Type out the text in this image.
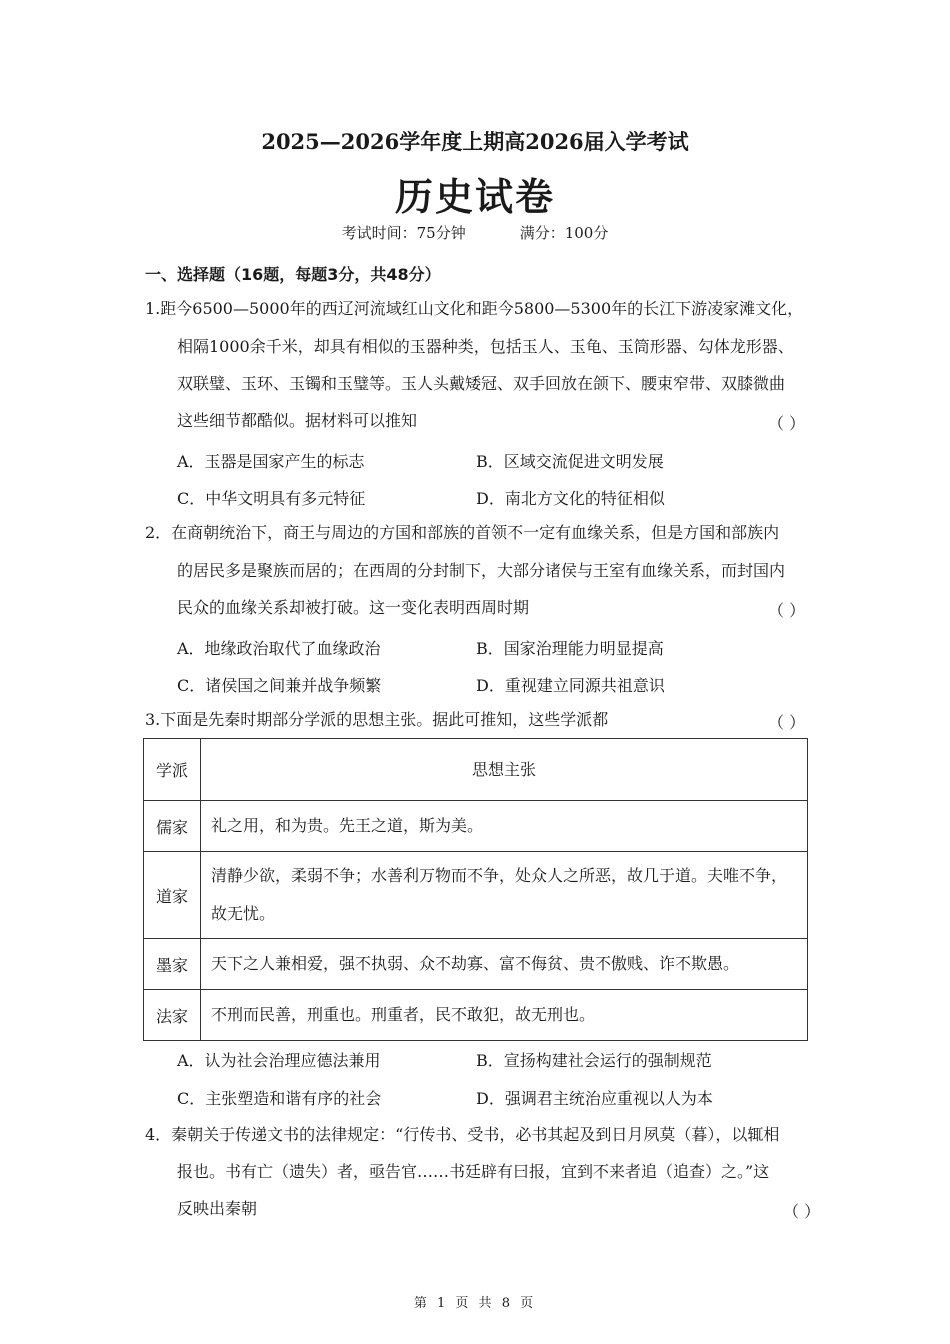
2025—2026学年度上期高2026届入学考试
历史试卷
考试时间：75分钟	满分：100分
一、选择题（16题，每题3分，共48分）
1.距今6500—5000年的西辽河流域红山文化和距今5800—5300年的长江下游凌家滩文化，
相隔1000余千米，却具有相似的玉器种类，包括玉人、玉龟、玉筒形器、勾体龙形器、
双联璧、玉环、玉镯和玉璧等。玉人头戴矮冠、双手回放在颌下、腰束窄带、双膝微曲
这些细节都酷似。据材料可以推知	（ ）
A．玉器是国家产生的标志	B．区域交流促进文明发展
C．中华文明具有多元特征	D．南北方文化的特征相似
2．在商朝统治下，商王与周边的方国和部族的首领不一定有血缘关系，但是方国和部族内
的居民多是聚族而居的；在西周的分封制下，大部分诸侯与王室有血缘关系，而封国内
民众的血缘关系却被打破。这一变化表明西周时期	（ ）
A．地缘政治取代了血缘政治	B．国家治理能力明显提高
C．诸侯国之间兼并战争频繁	D．重视建立同源共祖意识
3.下面是先秦时期部分学派的思想主张。据此可推知，这些学派都	（ ）
学派	思想主张
儒家	礼之用，和为贵。先王之道，斯为美。
道家	清静少欲，柔弱不争；水善利万物而不争，处众人之所恶，故几于道。夫唯不争，
故无忧。

墨家	天下之人兼相爱，强不执弱、众不劫寡、富不侮贫、贵不傲贱、诈不欺愚。
法家	不刑而民善，刑重也。刑重者，民不敢犯，故无刑也。
A．认为社会治理应德法兼用	B．宣扬构建社会运行的强制规范
C．主张塑造和谐有序的社会	D．强调君主统治应重视以人为本
4．秦朝关于传递文书的法律规定：“行传书、受书，必书其起及到日月夙莫（暮），以辄相
报也。书有亡（遗失）者，亟告官……书廷辟有曰报，宜到不来者追（追查）之。”这
反映出秦朝	（ ）
第 1 页 共 8 页
